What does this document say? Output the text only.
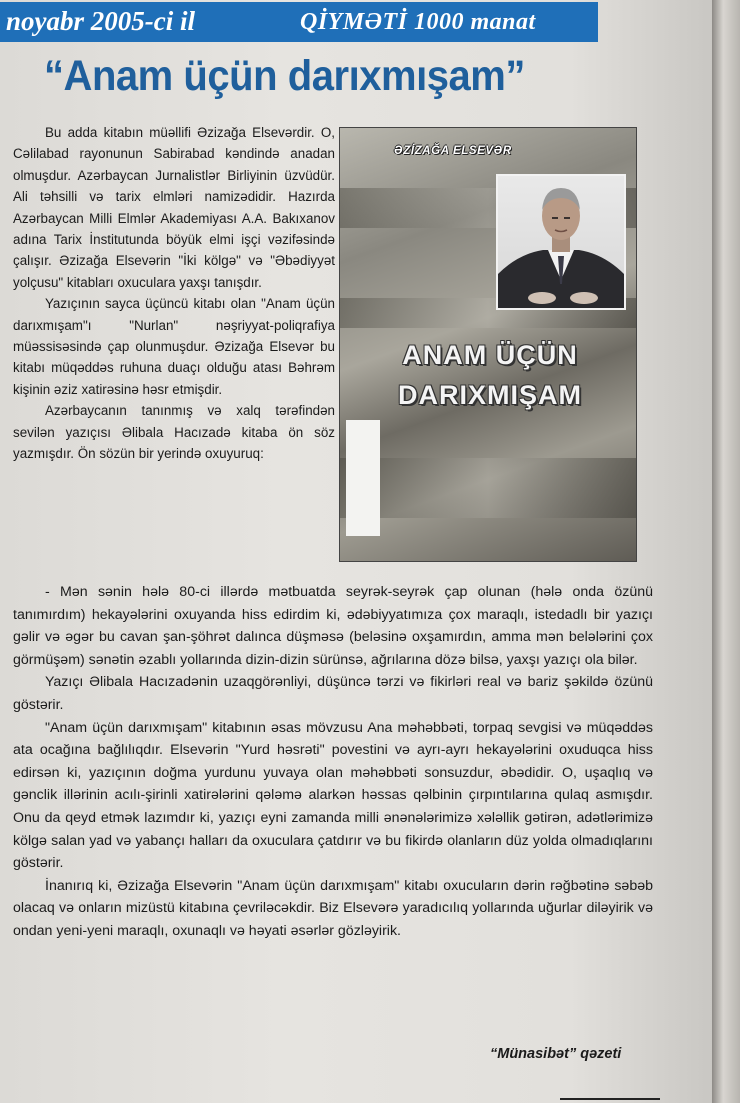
noyabr 2005-ci il	QİYMƏTİ 1000 manat
“Anam üçün darıxmışam”

Bu adda kitabın müəllifi Əzizağa Elsevərdir. O, Cəlilabad rayonunun Sabirabad kəndində anadan olmuşdur. Azərbaycan Jurnalistlər Birliyinin üzvüdür. Ali təhsilli və tarix elmləri namizədidir. Hazırda Azərbaycan Milli Elmlər Akademiyası A.A. Bakıxanov adına Tarix İnstitutunda böyük elmi işçi vəzifəsində çalışır. Əzizağa Elsevərin "İki kölgə" və "Əbədiyyət yolçusu" kitabları oxuculara yaxşı tanışdır.

Yazıçının sayca üçüncü kitabı olan "Anam üçün darıxmışam"ı "Nurlan" nəşriyyat-poliqrafiya müəssisəsində çap olunmuşdur. Əzizağa Elsevər bu kitabı müqəddəs ruhuna duaçı olduğu atası Bəhrəm kişinin əziz xatirəsinə həsr etmişdir.

Azərbaycanın tanınmış və xalq tərəfindən sevilən yazıçısı Əlibala Hacızadə kitaba ön söz yazmışdır. Ön sözün bir yerində oxuyuruq:

ƏZİZAĞA ELSEVƏR
ANAM ÜÇÜN
DARIXMIŞAM

- Mən sənin hələ 80-ci illərdə mətbuatda seyrək-seyrək çap olunan (hələ onda özünü tanımırdım) hekayələrini oxuyanda hiss edirdim ki, ədəbiyyatımıza çox maraqlı, istedadlı bir yazıçı gəlir və əgər bu cavan şan-şöhrət dalınca düşməsə (beləsinə oxşamırdın, amma mən belələrini çox görmüşəm) sənətin əzablı yollarında dizin-dizin sürünsə, ağrılarına dözə bilsə, yaxşı yazıçı ola bilər.

Yazıçı Əlibala Hacızadənin uzaqgörənliyi, düşüncə tərzi və fikirləri real və bariz şəkildə özünü göstərir.

"Anam üçün darıxmışam" kitabının əsas mövzusu Ana məhəbbəti, torpaq sevgisi və müqəddəs ata ocağına bağlılıqdır. Elsevərin "Yurd həsrəti" povestini və ayrı-ayrı hekayələrini oxuduqca hiss edirsən ki, yazıçının doğma yurdunu yuvaya olan məhəbbəti sonsuzdur, əbədidir. O, uşaqlıq və gənclik illərinin acılı-şirinli xatirələrini qələmə alarkən həssas qəlbinin çırpıntılarına qulaq asmışdır. Onu da qeyd etmək lazımdır ki, yazıçı eyni zamanda milli ənənələrimizə xələllik gətirən, adətlərimizə kölgə salan yad və yabançı halları da oxuculara çatdırır və bu fikirdə olanların düz yolda olmadıqlarını göstərir.

İnanırıq ki, Əzizağa Elsevərin "Anam üçün darıxmışam" kitabı oxucuların dərin rəğbətinə səbəb olacaq və onların mizüstü kitabına çevriləcəkdir. Biz Elsevərə yaradıcılıq yollarında uğurlar diləyirik və ondan yeni-yeni maraqlı, oxunaqlı və həyati əsərlər gözləyirik.

“Münasibət” qəzeti
